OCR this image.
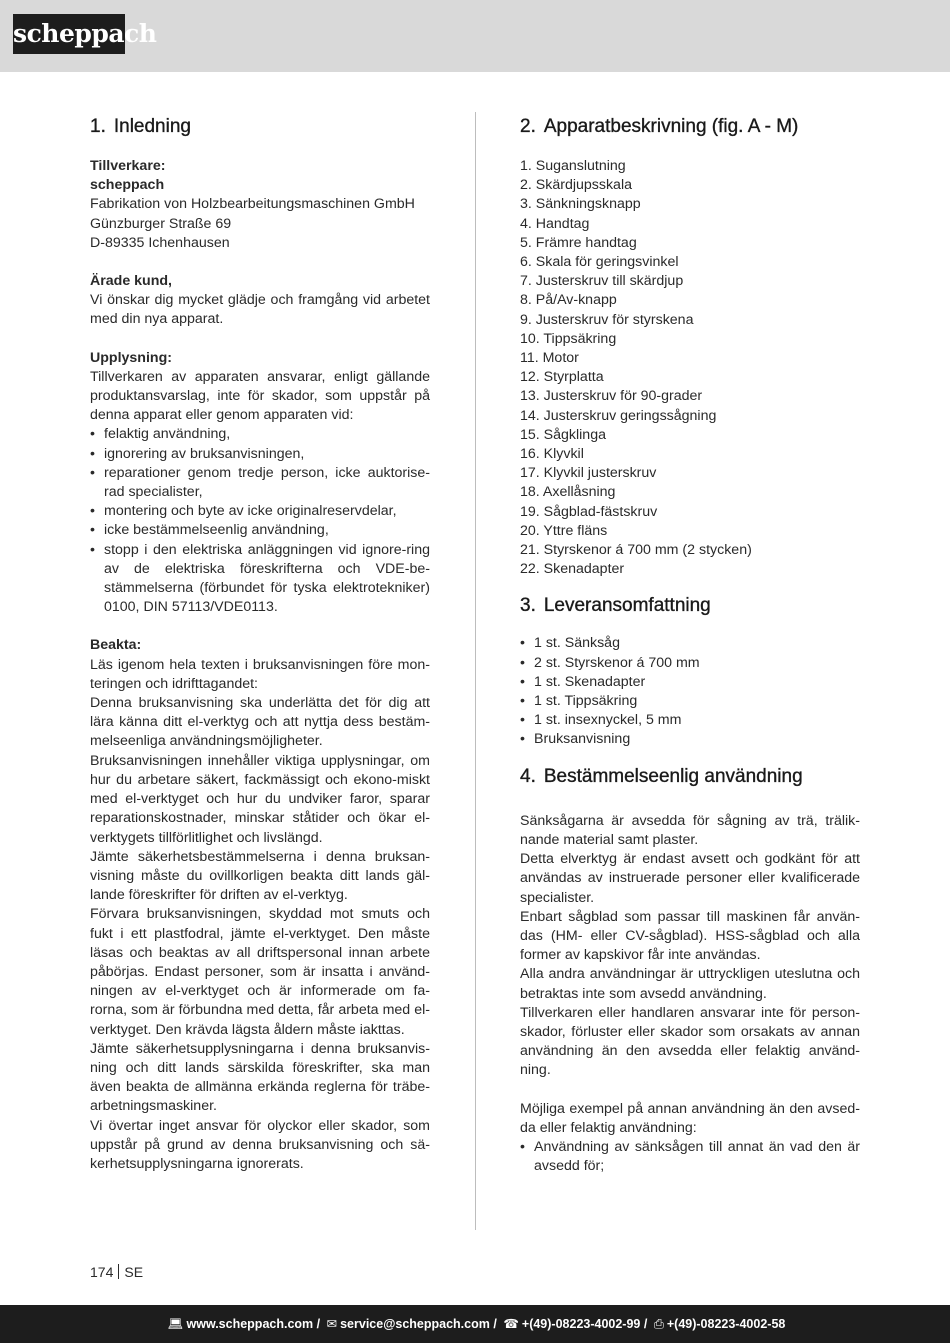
scheppach
1. Inledning

Tillverkare:

scheppach

Fabrikation von Holzbearbeitungsmaschinen GmbH

Günzburger Straße 69

D-89335 Ichenhausen

Ärade kund,

Vi önskar dig mycket glädje och framgång vid arbetet med din nya apparat.

Upplysning:

Tillverkaren av apparaten ansvarar, enligt gällande produktansvarslag, inte för skador, som uppstår på denna apparat eller genom apparaten vid:

• felaktig användning,
• ignorering av bruksanvisningen,
• reparationer genom tredje person, icke auktorise-rad specialister,
• montering och byte av icke originalreservdelar,
• icke bestämmelseenlig användning,
• stopp i den elektriska anläggningen vid ignore-ring av de elektriska föreskrifterna och VDE-be-stämmelserna (förbundet för tyska elektrotekniker) 0100, DIN 57113/VDE0113.

Beakta:

Läs igenom hela texten i bruksanvisningen före mon-teringen och idrifttagandet:

Denna bruksanvisning ska underlätta det för dig att lära känna ditt el-verktyg och att nyttja dess bestäm-melseenliga användningsmöjligheter.

Bruksanvisningen innehåller viktiga upplysningar, om hur du arbetare säkert, fackmässigt och ekono-miskt med el-verktyget och hur du undviker faror, sparar reparationskostnader, minskar ståtider och ökar el-verktygets tillförlitlighet och livslängd.

Jämte säkerhetsbestämmelserna i denna bruksan-visning måste du ovillkorligen beakta ditt lands gäl-lande föreskrifter för driften av el-verktyg.

Förvara bruksanvisningen, skyddad mot smuts och fukt i ett plastfodral, jämte el-verktyget. Den måste läsas och beaktas av all driftspersonal innan arbete påbörjas. Endast personer, som är insatta i använd-ningen av el-verktyget och är informerade om fa-rorna, som är förbundna med detta, får arbeta med el-verktyget. Den krävda lägsta åldern måste iakttas.

Jämte säkerhetsupplysningarna i denna bruksanvis-ning och ditt lands särskilda föreskrifter, ska man även beakta de allmänna erkända reglerna för träbe-arbetningsmaskiner.

Vi övertar inget ansvar för olyckor eller skador, som uppstår på grund av denna bruksanvisning och sä-kerhetsupplysningarna ignorerats.

2. Apparatbeskrivning (fig. A - M)
1. Suganslutning
2. Skärdjupsskala
3. Sänkningsknapp
4. Handtag
5. Främre handtag
6. Skala för geringsvinkel
7. Justerskruv till skärdjup
8. På/Av-knapp
9. Justerskruv för styrskena
10. Tippsäkring
11. Motor
12. Styrplatta
13. Justerskruv för 90-grader
14. Justerskruv geringssågning
15. Sågklinga
16. Klyvkil
17. Klyvkil justerskruv
18. Axellåsning
19. Sågblad-fästskruv
20. Yttre fläns
21. Styrskenor á 700 mm (2 stycken)
22. Skenadapter
3. Leveransomfattning
• 1 st. Sänksåg
• 2 st. Styrskenor á 700 mm
• 1 st. Skenadapter
• 1 st. Tippsäkring
• 1 st. insexnyckel, 5 mm
• Bruksanvisning
4. Bestämmelseenlig användning

Sänksågarna är avsedda för sågning av trä, trälik-nande material samt plaster.

Detta elverktyg är endast avsett och godkänt för att användas av instruerade personer eller kvalificerade specialister.

Enbart sågblad som passar till maskinen får använ-das (HM- eller CV-sågblad). HSS-sågblad och alla former av kapskivor får inte användas.

Alla andra användningar är uttryckligen uteslutna och betraktas inte som avsedd användning.

Tillverkaren eller handlaren ansvarar inte för person-skador, förluster eller skador som orsakats av annan användning än den avsedda eller felaktig använd-ning.

Möjliga exempel på annan användning än den avsed-da eller felaktig användning:

• Användning av sänksågen till annat än vad den är avsedd för;
174 SE
💻︎ www.scheppach.com / ✉︎ service@scheppach.com / ☎︎ +(49)-08223-4002-99 / ⎙ +(49)-08223-4002-58
